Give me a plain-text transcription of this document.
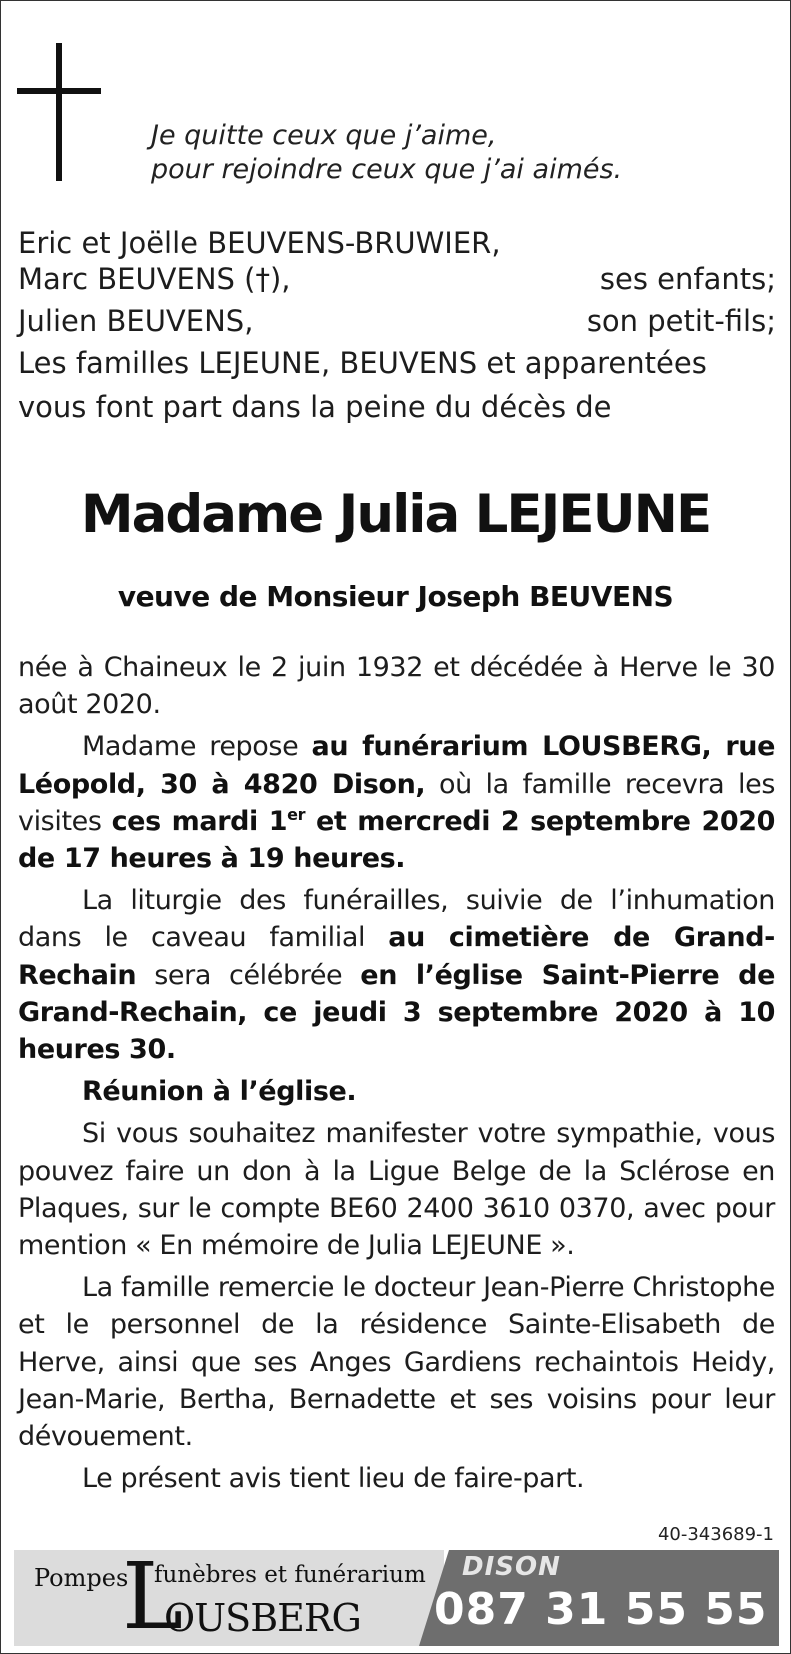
Je quitte ceux que j’aime,
pour rejoindre ceux que j’ai aimés.
Eric et Joëlle BEUVENS-BRUWIER,
Marc BEUVENS (†),	ses enfants;
Julien BEUVENS,	son petit-fils;
Les familles LEJEUNE, BEUVENS et apparentées
vous font part dans la peine du décès de
Madame Julia LEJEUNE
veuve de Monsieur Joseph BEUVENS

née à Chaineux le 2 juin 1932 et décédée à Herve le 30 août 2020.

Madame repose au funérarium LOUSBERG, rue Léopold, 30 à 4820 Dison, où la famille recevra les visites ces mardi 1er et mercredi 2 septembre 2020 de 17 heures à 19 heures.

La liturgie des funérailles, suivie de l’inhumation dans le caveau familial au cimetière de Grand-Rechain sera célébrée en l’église Saint-Pierre de Grand-Rechain, ce jeudi 3 septembre 2020 à 10 heures 30.

Réunion à l’église.

Si vous souhaitez manifester votre sympathie, vous pouvez faire un don à la Ligue Belge de la Sclérose en Plaques, sur le compte BE60 2400 3610 0370, avec pour mention « En mémoire de Julia LEJEUNE ».

La famille remercie le docteur Jean-Pierre Christophe et le personnel de la résidence Sainte-Elisabeth de Herve, ainsi que ses Anges Gardiens rechaintois Heidy, Jean-Marie, Bertha, Bernadette et ses voisins pour leur dévouement.

Le présent avis tient lieu de faire-part.

40-343689-1
Pompes
L
funèbres et funérarium
OUSBERG
DISON
087 31 55 55
